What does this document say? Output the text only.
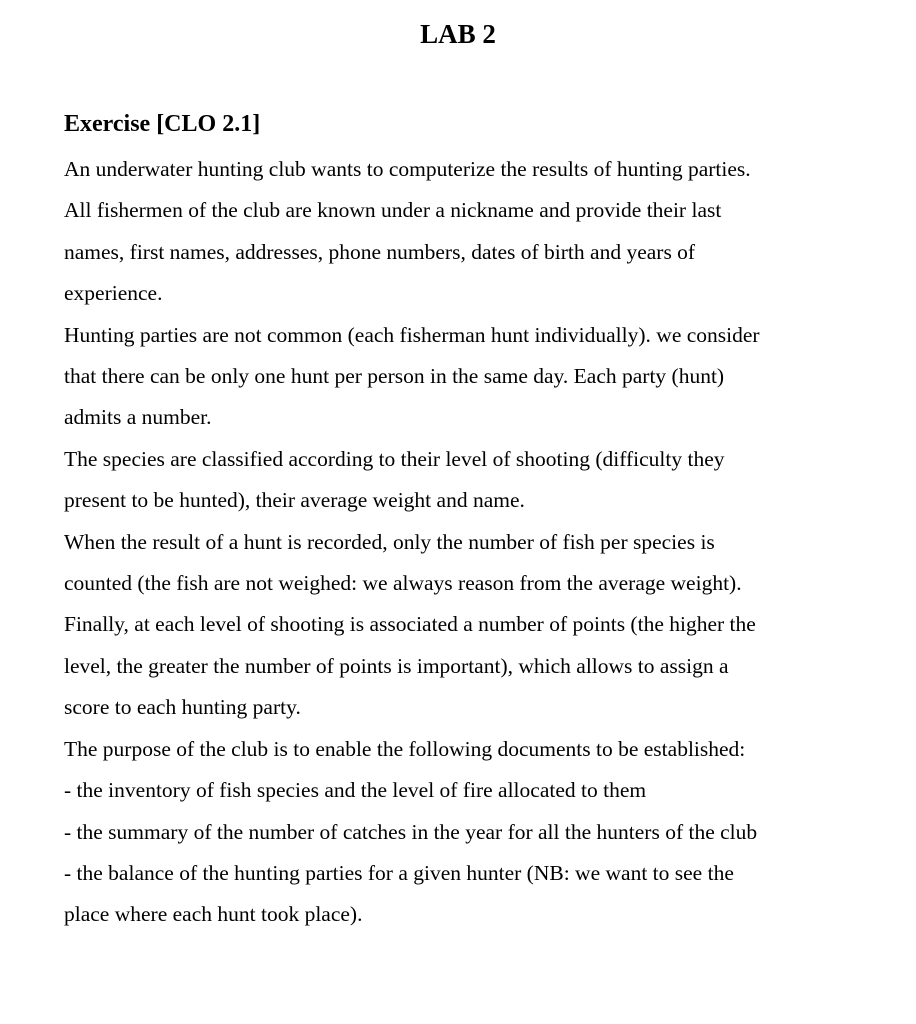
LAB 2
Exercise [CLO 2.1]
An underwater hunting club wants to computerize the results of hunting parties.
All fishermen of the club are known under a nickname and provide their last
names, first names, addresses, phone numbers, dates of birth and years of
experience.
Hunting parties are not common (each fisherman hunt individually). we consider
that there can be only one hunt per person in the same day. Each party (hunt)
admits a number.
The species are classified according to their level of shooting (difficulty they
present to be hunted), their average weight and name.
When the result of a hunt is recorded, only the number of fish per species is
counted (the fish are not weighed: we always reason from the average weight).
Finally, at each level of shooting is associated a number of points (the higher the
level, the greater the number of points is important), which allows to assign a
score to each hunting party.
The purpose of the club is to enable the following documents to be established:
- the inventory of fish species and the level of fire allocated to them
- the summary of the number of catches in the year for all the hunters of the club
- the balance of the hunting parties for a given hunter (NB: we want to see the
place where each hunt took place).
